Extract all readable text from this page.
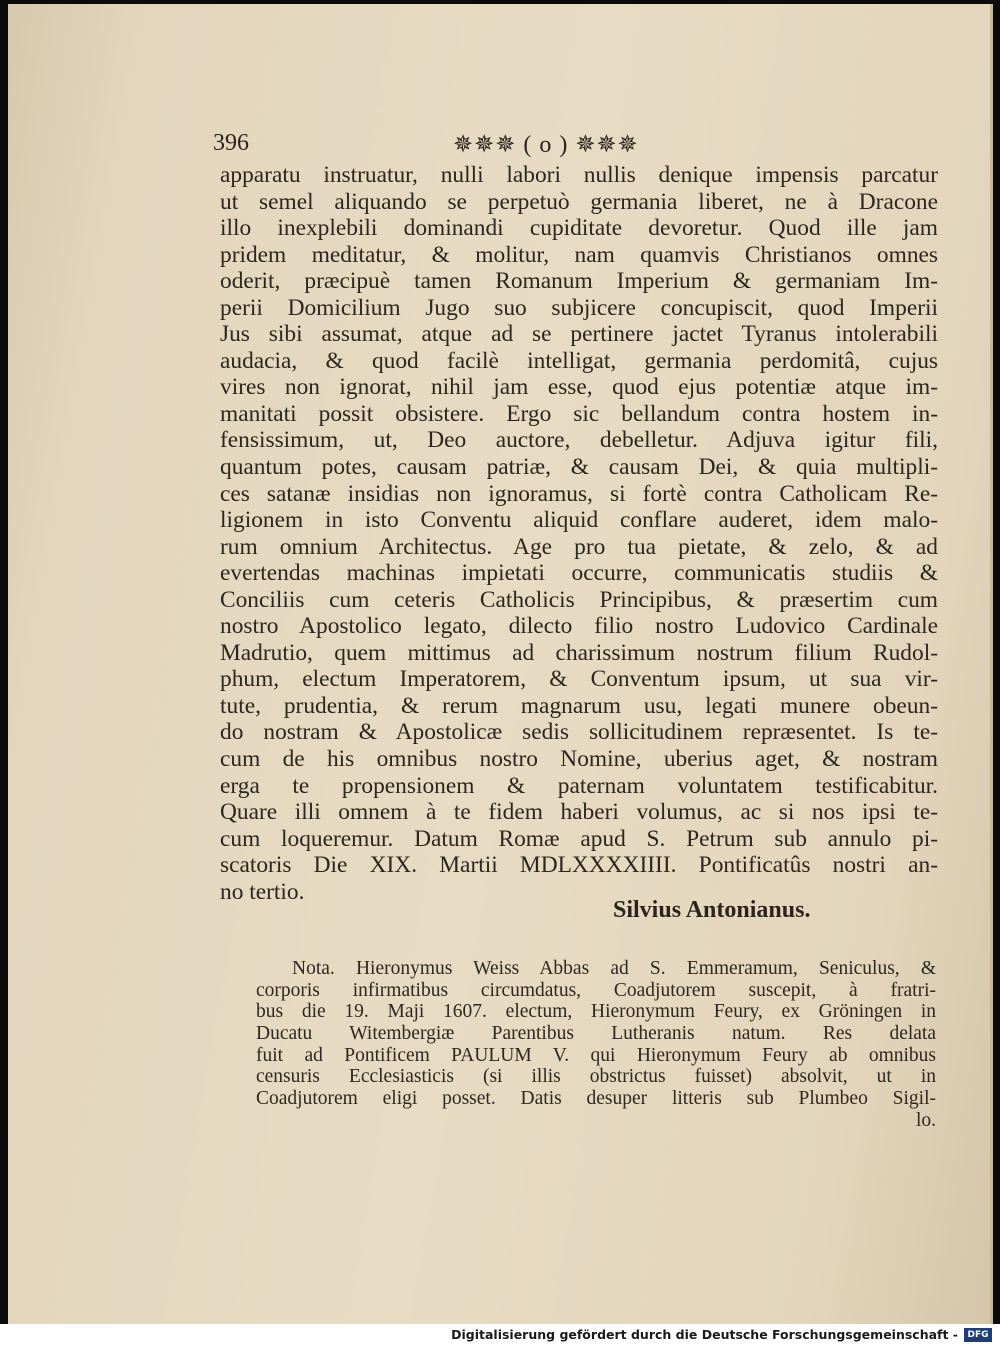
396	✵✵✵ ( o ) ✵✵✵
apparatu instruatur, nulli labori nullis denique impensis parcatur
ut semel aliquando se perpetuò germania liberet, ne à Dracone
illo inexplebili dominandi cupiditate devoretur. Quod ille jam
pridem meditatur, & molitur, nam quamvis Christianos omnes
oderit, præcipuè tamen Romanum Imperium & germaniam Im-
perii Domicilium Jugo suo subjicere concupiscit, quod Imperii
Jus sibi assumat, atque ad se pertinere jactet Tyranus intolerabili
audacia, & quod facilè intelligat, germania perdomitâ, cujus
vires non ignorat, nihil jam esse, quod ejus potentiæ atque im-
manitati possit obsistere. Ergo sic bellandum contra hostem in-
fensissimum, ut, Deo auctore, debelletur. Adjuva igitur fili,
quantum potes, causam patriæ, & causam Dei, & quia multipli-
ces satanæ insidias non ignoramus, si fortè contra Catholicam Re-
ligionem in isto Conventu aliquid conflare auderet, idem malo-
rum omnium Architectus. Age pro tua pietate, & zelo, & ad
evertendas machinas impietati occurre, communicatis studiis &
Conciliis cum ceteris Catholicis Principibus, & præsertim cum
nostro Apostolico legato, dilecto filio nostro Ludovico Cardinale
Madrutio, quem mittimus ad charissimum nostrum filium Rudol-
phum, electum Imperatorem, & Conventum ipsum, ut sua vir-
tute, prudentia, & rerum magnarum usu, legati munere obeun-
do nostram & Apostolicæ sedis sollicitudinem repræsentet. Is te-
cum de his omnibus nostro Nomine, uberius aget, & nostram
erga te propensionem & paternam voluntatem testificabitur.
Quare illi omnem à te fidem haberi volumus, ac si nos ipsi te-
cum loqueremur. Datum Romæ apud S. Petrum sub annulo pi-
scatoris Die XIX. Martii MDLXXXXIIII. Pontificatûs nostri an-
no tertio.
Silvius Antonianus.
Nota. Hieronymus Weiss Abbas ad S. Emmeramum, Seniculus, &
corporis infirmatibus circumdatus, Coadjutorem suscepit, à fratri-
bus die 19. Maji 1607. electum, Hieronymum Feury, ex Gröningen in
Ducatu Witembergiæ Parentibus Lutheranis natum. Res delata
fuit ad Pontificem PAULUM V. qui Hieronymum Feury ab omnibus
censuris Ecclesiasticis (si illis obstrictus fuisset) absolvit, ut in
Coadjutorem eligi posset. Datis desuper litteris sub Plumbeo Sigil-
lo.

Digitalisierung gefördert durch die Deutsche Forschungsgemeinschaft -	DFG
